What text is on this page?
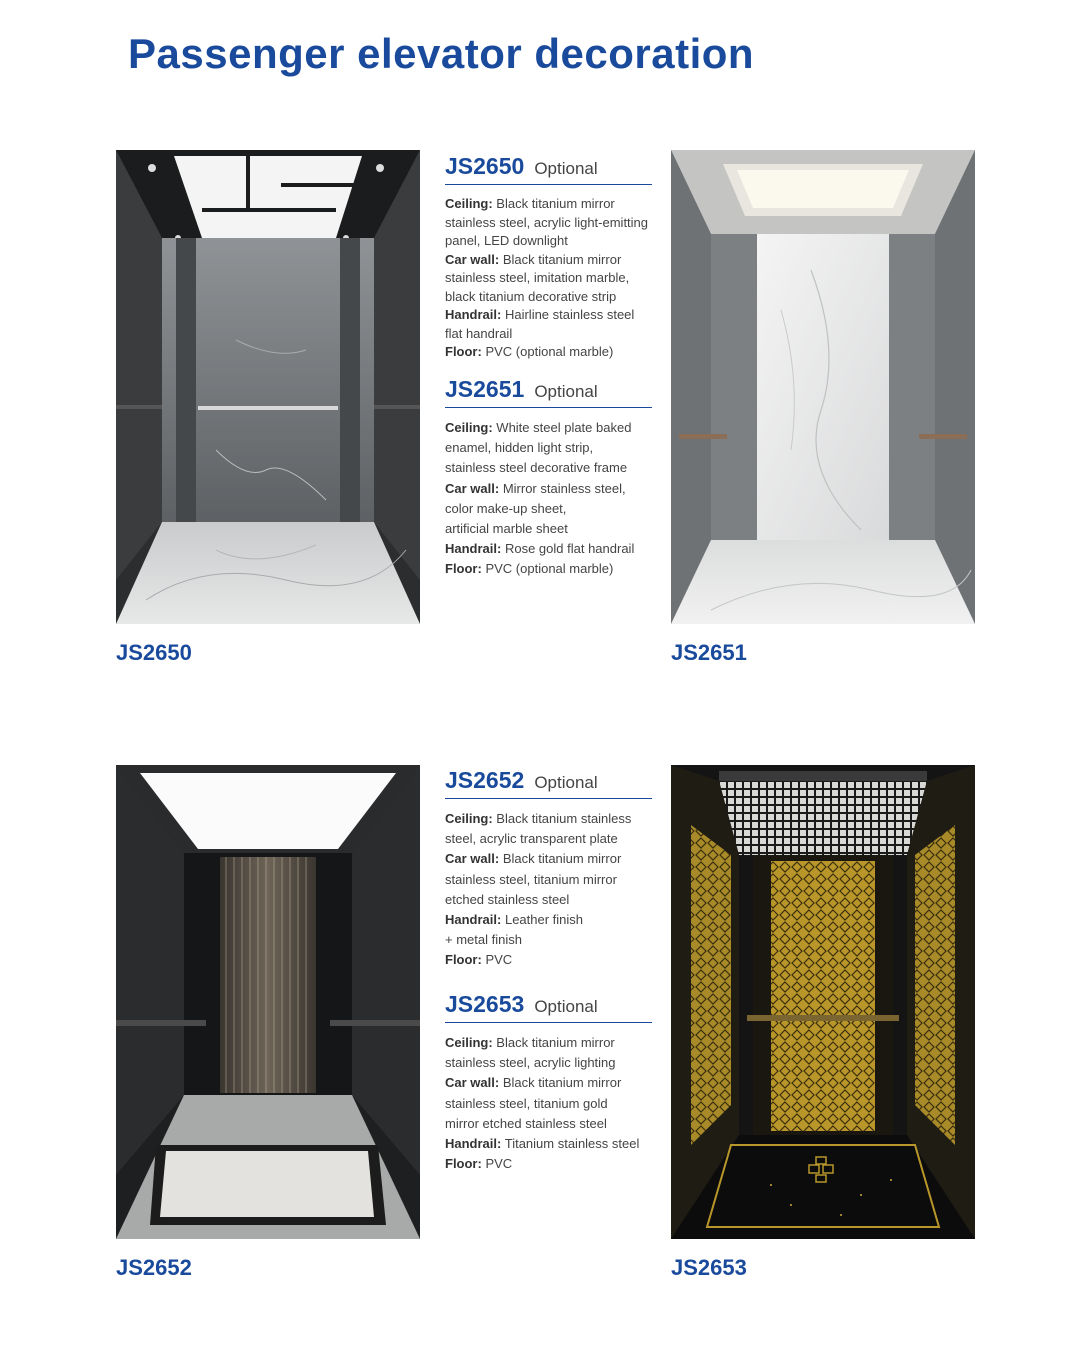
Passenger elevator decoration
JS2650	JS2651
JS2652	JS2653
JS2650 Optional

Ceiling: Black titanium mirror

stainless steel, acrylic light-emitting

panel, LED downlight

Car wall: Black titanium mirror

stainless steel, imitation marble,

black titanium decorative strip

Handrail: Hairline stainless steel

flat handrail

Floor: PVC (optional marble)

JS2651 Optional

Ceiling: White steel plate baked

enamel, hidden light strip,

stainless steel decorative frame

Car wall: Mirror stainless steel,

color make-up sheet,

artificial marble sheet

Handrail: Rose gold flat handrail

Floor: PVC (optional marble)

JS2652 Optional

Ceiling: Black titanium stainless

steel, acrylic transparent plate

Car wall: Black titanium mirror

stainless steel, titanium mirror

etched stainless steel

Handrail: Leather finish

+ metal finish

Floor: PVC

JS2653 Optional

Ceiling: Black titanium mirror

stainless steel, acrylic lighting

Car wall: Black titanium mirror

stainless steel, titanium gold

mirror etched stainless steel

Handrail: Titanium stainless steel

Floor: PVC
